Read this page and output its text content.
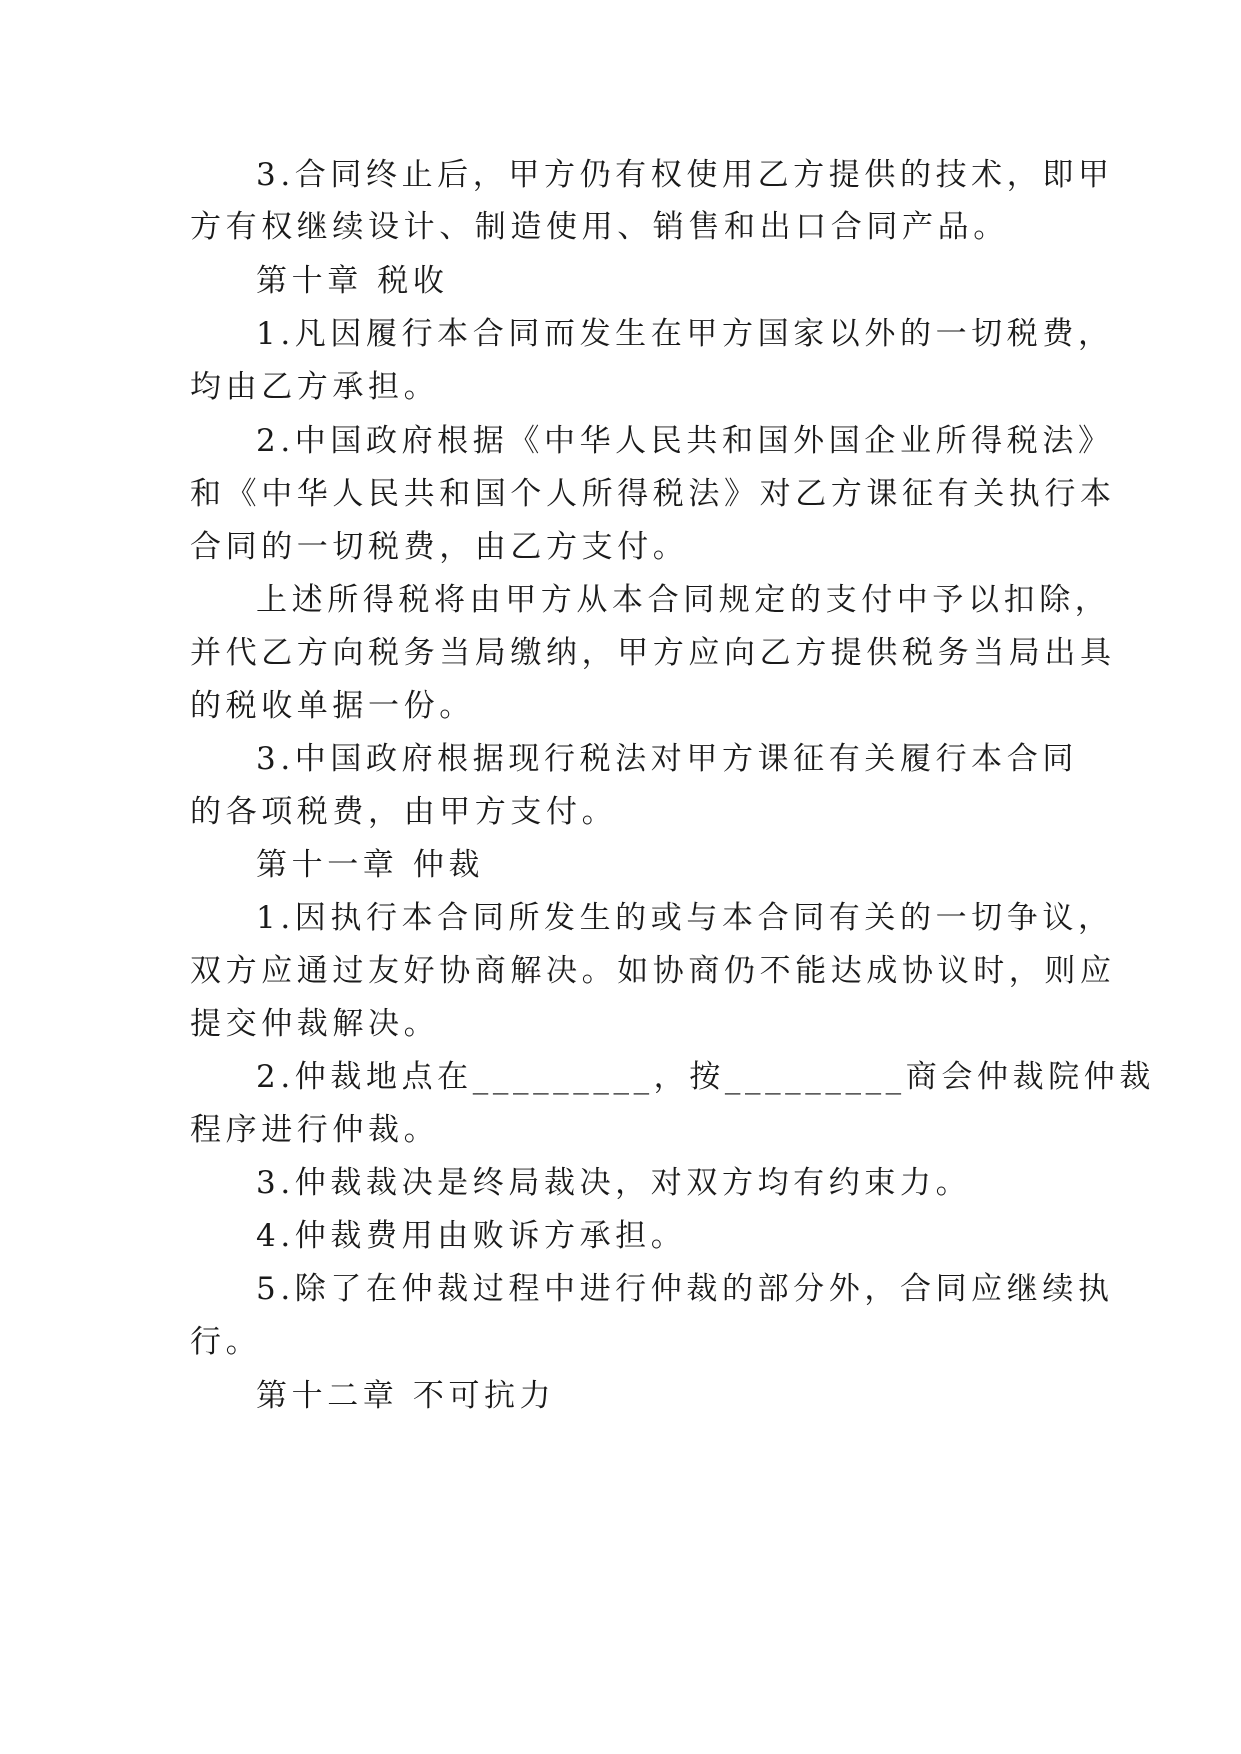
3.合同终止后，甲方仍有权使用乙方提供的技术，即甲
方有权继续设计、制造使用、销售和出口合同产品。
第十章 税收
1.凡因履行本合同而发生在甲方国家以外的一切税费，
均由乙方承担。
2.中国政府根据《中华人民共和国外国企业所得税法》
和《中华人民共和国个人所得税法》对乙方课征有关执行本
合同的一切税费，由乙方支付。
上述所得税将由甲方从本合同规定的支付中予以扣除，
并代乙方向税务当局缴纳，甲方应向乙方提供税务当局出具
的税收单据一份。
3.中国政府根据现行税法对甲方课征有关履行本合同
的各项税费，由甲方支付。
第十一章 仲裁
1.因执行本合同所发生的或与本合同有关的一切争议，
双方应通过友好协商解决。如协商仍不能达成协议时，则应
提交仲裁解决。
2.仲裁地点在_________，按_________商会仲裁院仲裁
程序进行仲裁。
3.仲裁裁决是终局裁决，对双方均有约束力。
4.仲裁费用由败诉方承担。
5.除了在仲裁过程中进行仲裁的部分外，合同应继续执
行。
第十二章 不可抗力
